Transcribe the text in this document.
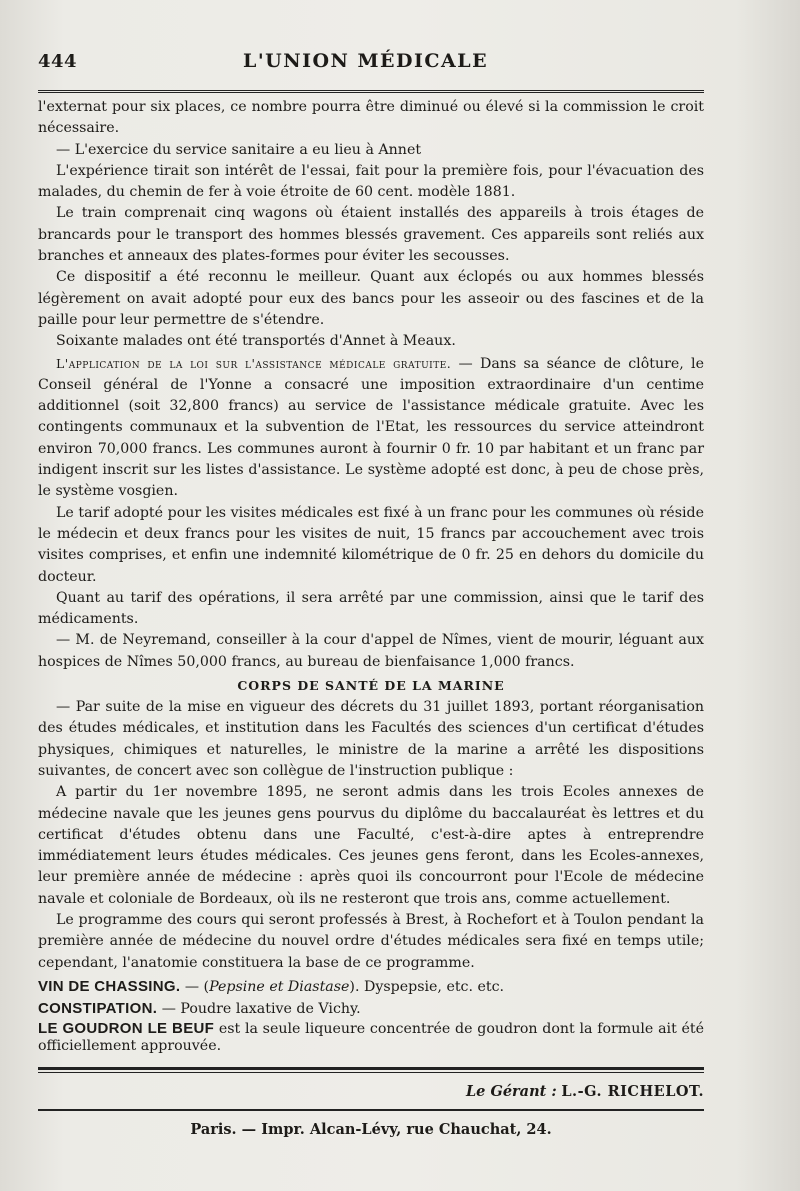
444	L'UNION MÉDICALE

l'externat pour six places, ce nombre pourra être diminué ou élevé si la commission le croit nécessaire.

— L'exercice du service sanitaire a eu lieu à Annet

L'expérience tirait son intérêt de l'essai, fait pour la première fois, pour l'évacuation des malades, du chemin de fer à voie étroite de 60 cent. modèle 1881.

Le train comprenait cinq wagons où étaient installés des appareils à trois étages de brancards pour le transport des hommes blessés gravement. Ces appareils sont reliés aux branches et anneaux des plates-formes pour éviter les secousses.

Ce dispositif a été reconnu le meilleur. Quant aux éclopés ou aux hommes blessés légèrement on avait adopté pour eux des bancs pour les asseoir ou des fascines et de la paille pour leur permettre de s'étendre.

Soixante malades ont été transportés d'Annet à Meaux.

L'application de la loi sur l'assistance médicale gratuite. — Dans sa séance de clôture, le Conseil général de l'Yonne a consacré une imposition extraordinaire d'un centime additionnel (soit 32,800 francs) au service de l'assistance médicale gratuite. Avec les contingents communaux et la subvention de l'Etat, les ressources du service atteindront environ 70,000 francs. Les communes auront à fournir 0 fr. 10 par habitant et un franc par indigent inscrit sur les listes d'assistance. Le système adopté est donc, à peu de chose près, le système vosgien.

Le tarif adopté pour les visites médicales est fixé à un franc pour les communes où réside le médecin et deux francs pour les visites de nuit, 15 francs par accouchement avec trois visites comprises, et enfin une indemnité kilométrique de 0 fr. 25 en dehors du domicile du docteur.

Quant au tarif des opérations, il sera arrêté par une commission, ainsi que le tarif des médicaments.

— M. de Neyremand, conseiller à la cour d'appel de Nîmes, vient de mourir, léguant aux hospices de Nîmes 50,000 francs, au bureau de bienfaisance 1,000 francs.

CORPS DE SANTÉ DE LA MARINE

— Par suite de la mise en vigueur des décrets du 31 juillet 1893, portant réorganisation des études médicales, et institution dans les Facultés des sciences d'un certificat d'études physiques, chimiques et naturelles, le ministre de la marine a arrêté les dispositions suivantes, de concert avec son collègue de l'instruction publique :

A partir du 1er novembre 1895, ne seront admis dans les trois Ecoles annexes de médecine navale que les jeunes gens pourvus du diplôme du baccalauréat ès lettres et du certificat d'études obtenu dans une Faculté, c'est-à-dire aptes à entreprendre immédiatement leurs études médicales. Ces jeunes gens feront, dans les Ecoles-annexes, leur première année de médecine : après quoi ils concourront pour l'Ecole de médecine navale et coloniale de Bordeaux, où ils ne resteront que trois ans, comme actuellement.

Le programme des cours qui seront professés à Brest, à Rochefort et à Toulon pendant la première année de médecine du nouvel ordre d'études médicales sera fixé en temps utile; cependant, l'anatomie constituera la base de ce programme.

VIN DE CHASSING. — (Pepsine et Diastase). Dyspepsie, etc. etc.

CONSTIPATION. — Poudre laxative de Vichy.

LE GOUDRON LE BEUF est la seule liqueure concentrée de goudron dont la formule ait été officiellement approuvée.

Le Gérant : L.-G. RICHELOT.
Paris. — Impr. Alcan-Lévy, rue Chauchat, 24.
